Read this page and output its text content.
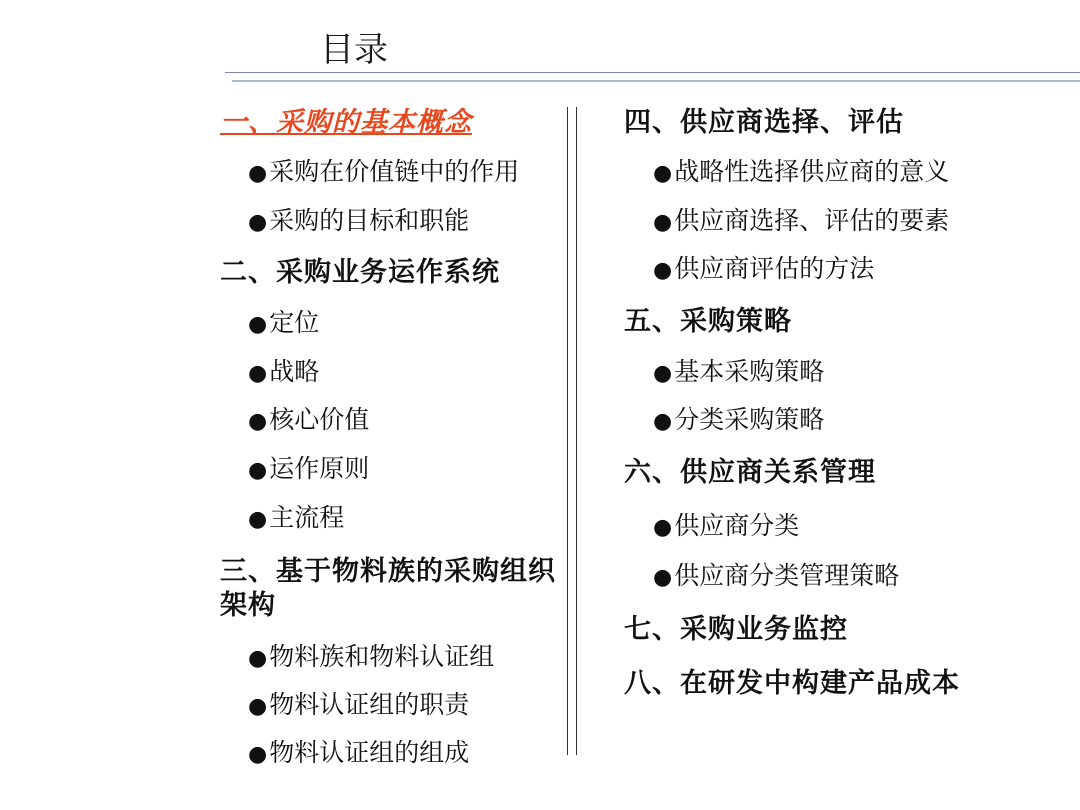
目录
一、采购的基本概念
●采购在价值链中的作用
●采购的目标和职能
二、采购业务运作系统
●定位
●战略
●核心价值
●运作原则
●主流程
三、基于物料族的采购组织架构
●物料族和物料认证组
●物料认证组的职责
●物料认证组的组成
四、供应商选择、评估
●战略性选择供应商的意义
●供应商选择、评估的要素
●供应商评估的方法
五、采购策略
●基本采购策略
●分类采购策略
六、供应商关系管理
●供应商分类
●供应商分类管理策略
七、采购业务监控
八、在研发中构建产品成本
